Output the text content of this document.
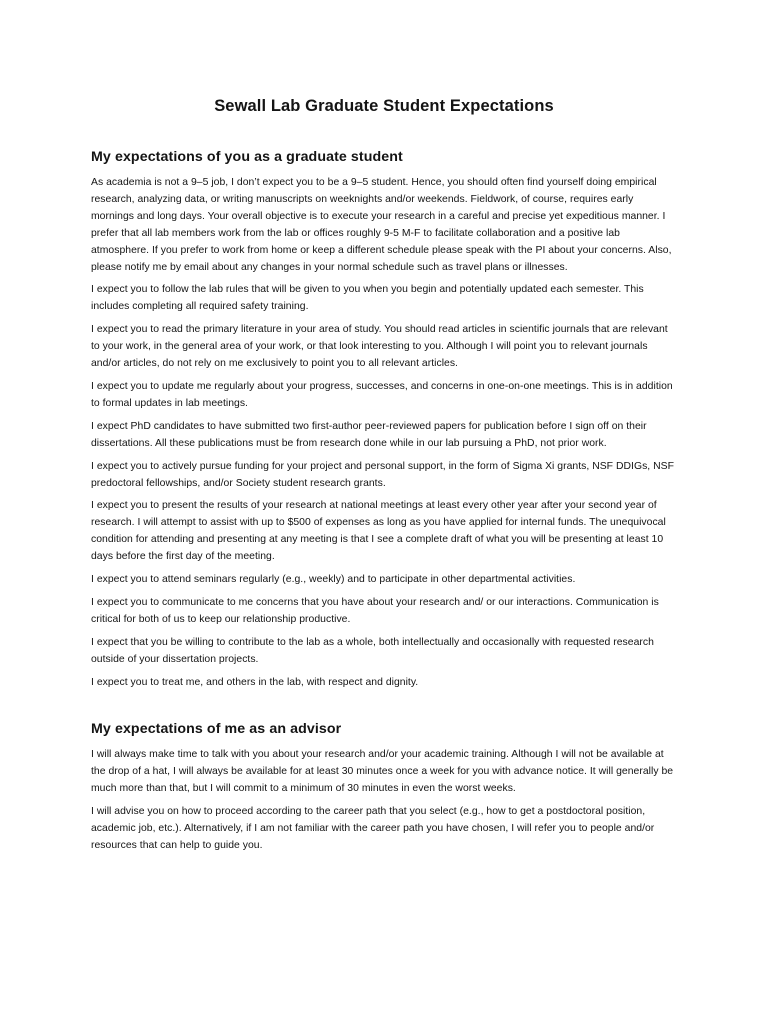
Sewall Lab Graduate Student Expectations
My expectations of you as a graduate student

As academia is not a 9–5 job, I don’t expect you to be a 9–5 student. Hence, you should often find yourself doing empirical research, analyzing data, or writing manuscripts on weeknights and/or weekends. Fieldwork, of course, requires early mornings and long days. Your overall objective is to execute your research in a careful and precise yet expeditious manner. I prefer that all lab members work from the lab or offices roughly 9-5 M-F to facilitate collaboration and a positive lab atmosphere. If you prefer to work from home or keep a different schedule please speak with the PI about your concerns. Also, please notify me by email about any changes in your normal schedule such as travel plans or illnesses.

I expect you to follow the lab rules that will be given to you when you begin and potentially updated each semester. This includes completing all required safety training.

I expect you to read the primary literature in your area of study. You should read articles in scientific journals that are relevant to your work, in the general area of your work, or that look interesting to you. Although I will point you to relevant journals and/or articles, do not rely on me exclusively to point you to all relevant articles.

I expect you to update me regularly about your progress, successes, and concerns in one-on-one meetings. This is in addition to formal updates in lab meetings.

I expect PhD candidates to have submitted two first-author peer-reviewed papers for publication before I sign off on their dissertations. All these publications must be from research done while in our lab pursuing a PhD, not prior work.

I expect you to actively pursue funding for your project and personal support, in the form of Sigma Xi grants, NSF DDIGs, NSF predoctoral fellowships, and/or Society student research grants.

I expect you to present the results of your research at national meetings at least every other year after your second year of research. I will attempt to assist with up to $500 of expenses as long as you have applied for internal funds. The unequivocal condition for attending and presenting at any meeting is that I see a complete draft of what you will be presenting at least 10 days before the first day of the meeting.

I expect you to attend seminars regularly (e.g., weekly) and to participate in other departmental activities.

I expect you to communicate to me concerns that you have about your research and/ or our interactions. Communication is critical for both of us to keep our relationship productive.

I expect that you be willing to contribute to the lab as a whole, both intellectually and occasionally with requested research outside of your dissertation projects.

I expect you to treat me, and others in the lab, with respect and dignity.

My expectations of me as an advisor

I will always make time to talk with you about your research and/or your academic training. Although I will not be available at the drop of a hat, I will always be available for at least 30 minutes once a week for you with advance notice. It will generally be much more than that, but I will commit to a minimum of 30 minutes in even the worst weeks.

I will advise you on how to proceed according to the career path that you select (e.g., how to get a postdoctoral position, academic job, etc.). Alternatively, if I am not familiar with the career path you have chosen, I will refer you to people and/or resources that can help to guide you.
